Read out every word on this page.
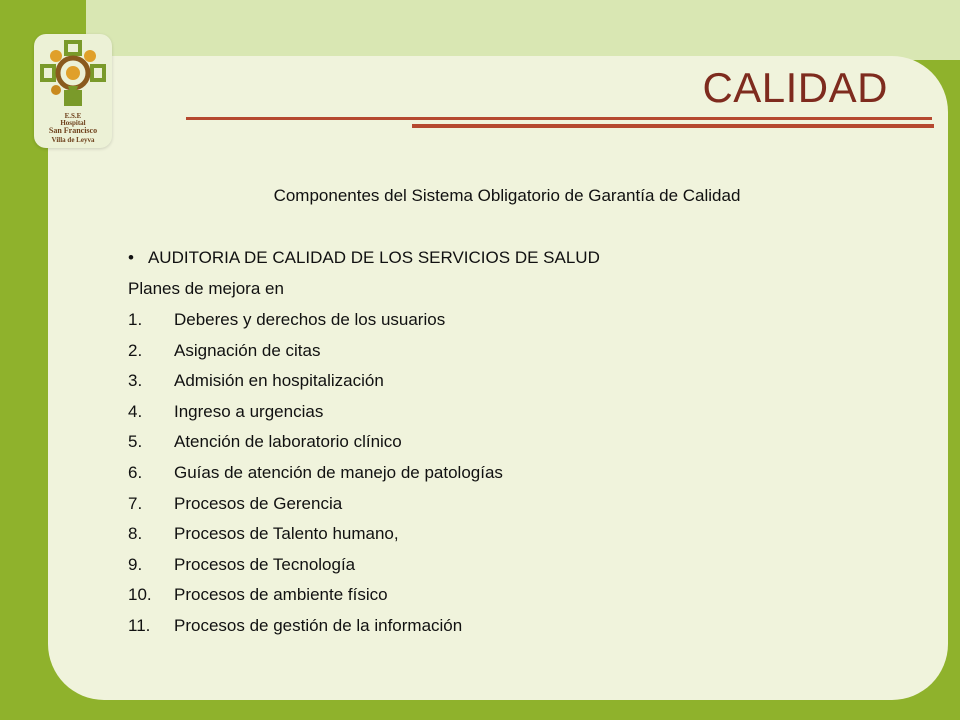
E.S.E
Hospital
San Francisco
Villa de Leyva
CALIDAD
Componentes del Sistema Obligatorio de Garantía de Calidad
• AUDITORIA DE CALIDAD DE LOS SERVICIOS DE SALUD
Planes de mejora en
1. Deberes y derechos de los usuarios
2. Asignación de citas
3. Admisión en hospitalización
4. Ingreso a urgencias
5. Atención de laboratorio clínico
6. Guías de atención de manejo de patologías
7. Procesos de Gerencia
8. Procesos de Talento humano,
9. Procesos de Tecnología
10. Procesos de ambiente físico
11. Procesos de gestión de la información
